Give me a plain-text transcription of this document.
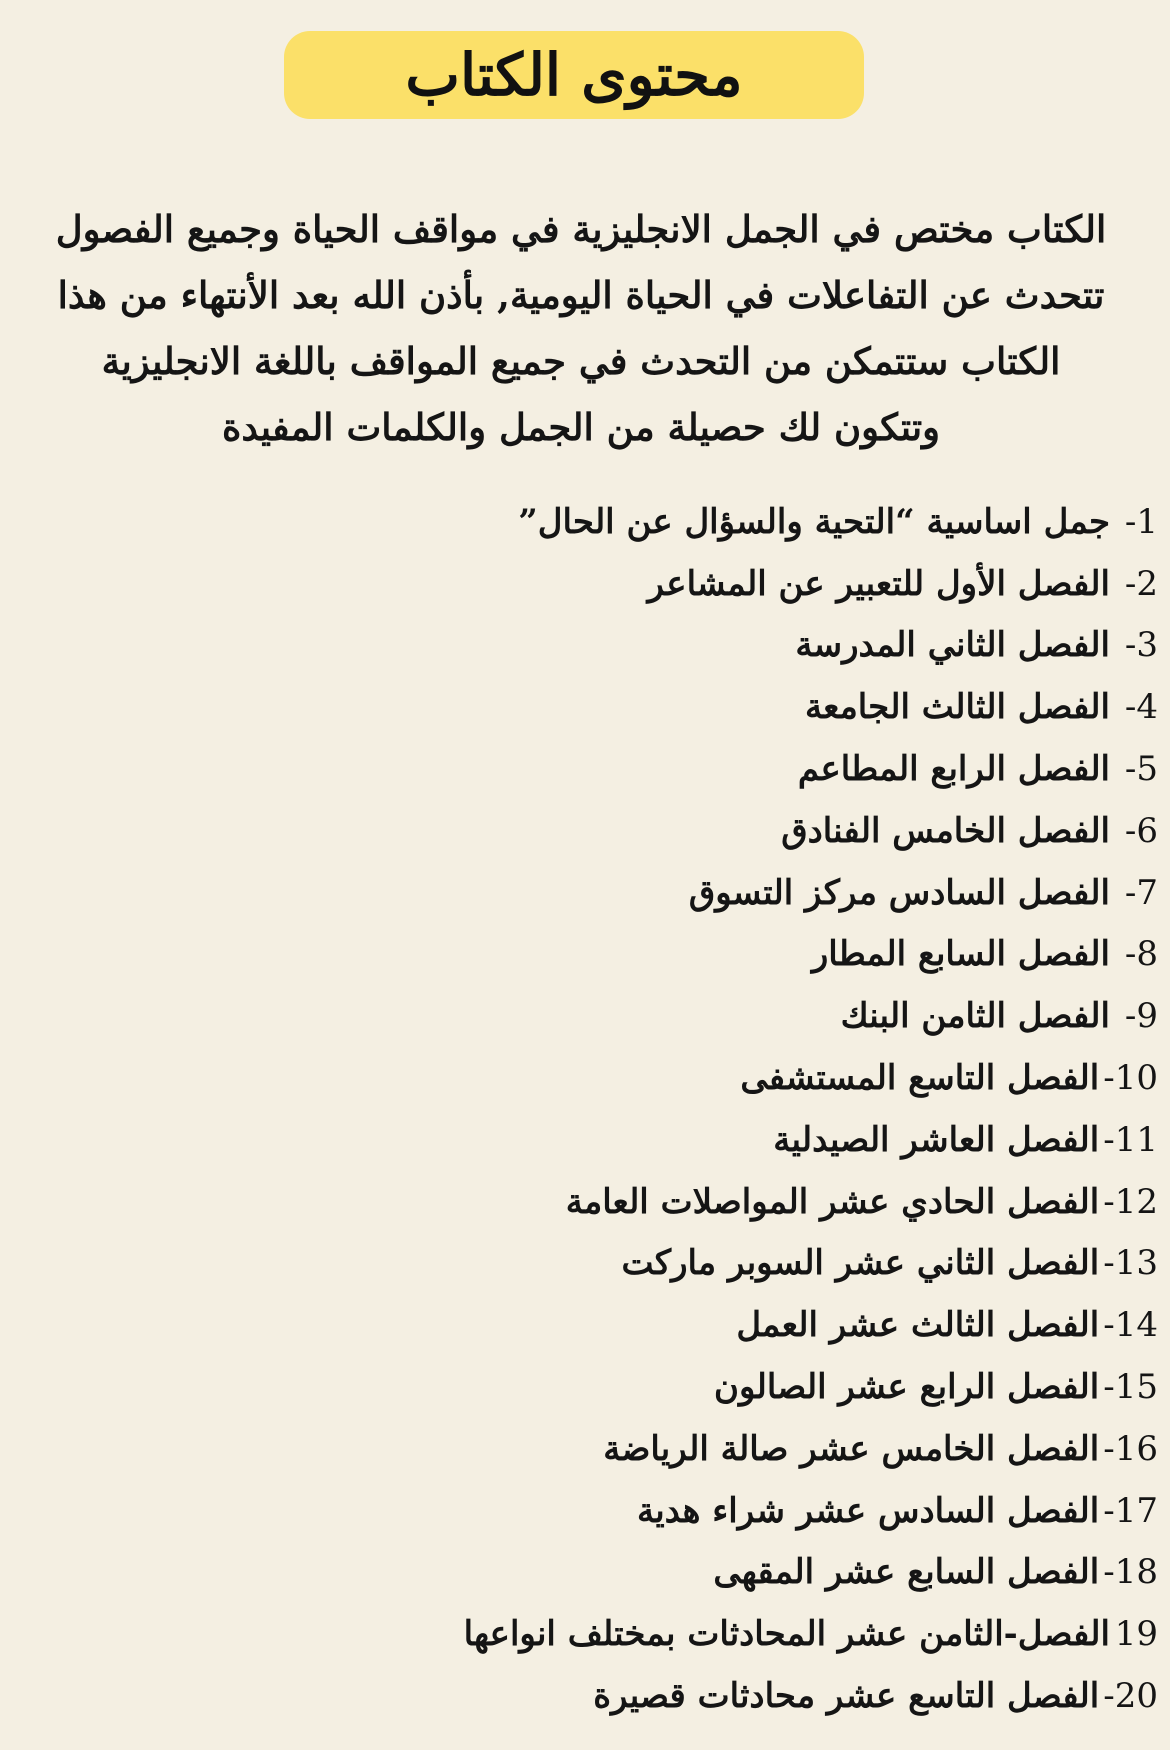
محتوى الكتاب
الكتاب مختص في الجمل الانجليزية في مواقف الحياة وجميع الفصول
تتحدث عن التفاعلات في الحياة اليومية, بأذن الله بعد الأنتهاء من هذا
الكتاب ستتمكن من التحدث في جميع المواقف باللغة الانجليزية
وتتكون لك حصيلة من الجمل والكلمات المفيدة
1-
جمل اساسية “التحية والسؤال عن الحال”
2-
الفصل الأول للتعبير عن المشاعر
3-
الفصل الثاني المدرسة
4-
الفصل الثالث الجامعة
5-
الفصل الرابع المطاعم
6-
الفصل الخامس الفنادق
7-
الفصل السادس مركز التسوق
8-
الفصل السابع المطار
9-
الفصل الثامن البنك
10-
الفصل التاسع المستشفى
11-
الفصل العاشر الصيدلية
12-
الفصل الحادي عشر المواصلات العامة
13-
الفصل الثاني عشر السوبر ماركت
14-
الفصل الثالث عشر العمل
15-
الفصل الرابع عشر الصالون
16-
الفصل الخامس عشر صالة الرياضة
17-
الفصل السادس عشر شراء هدية
18-
الفصل السابع عشر المقهى
19
الفصل-الثامن عشر المحادثات بمختلف انواعها
20-
الفصل التاسع عشر محادثات قصيرة
